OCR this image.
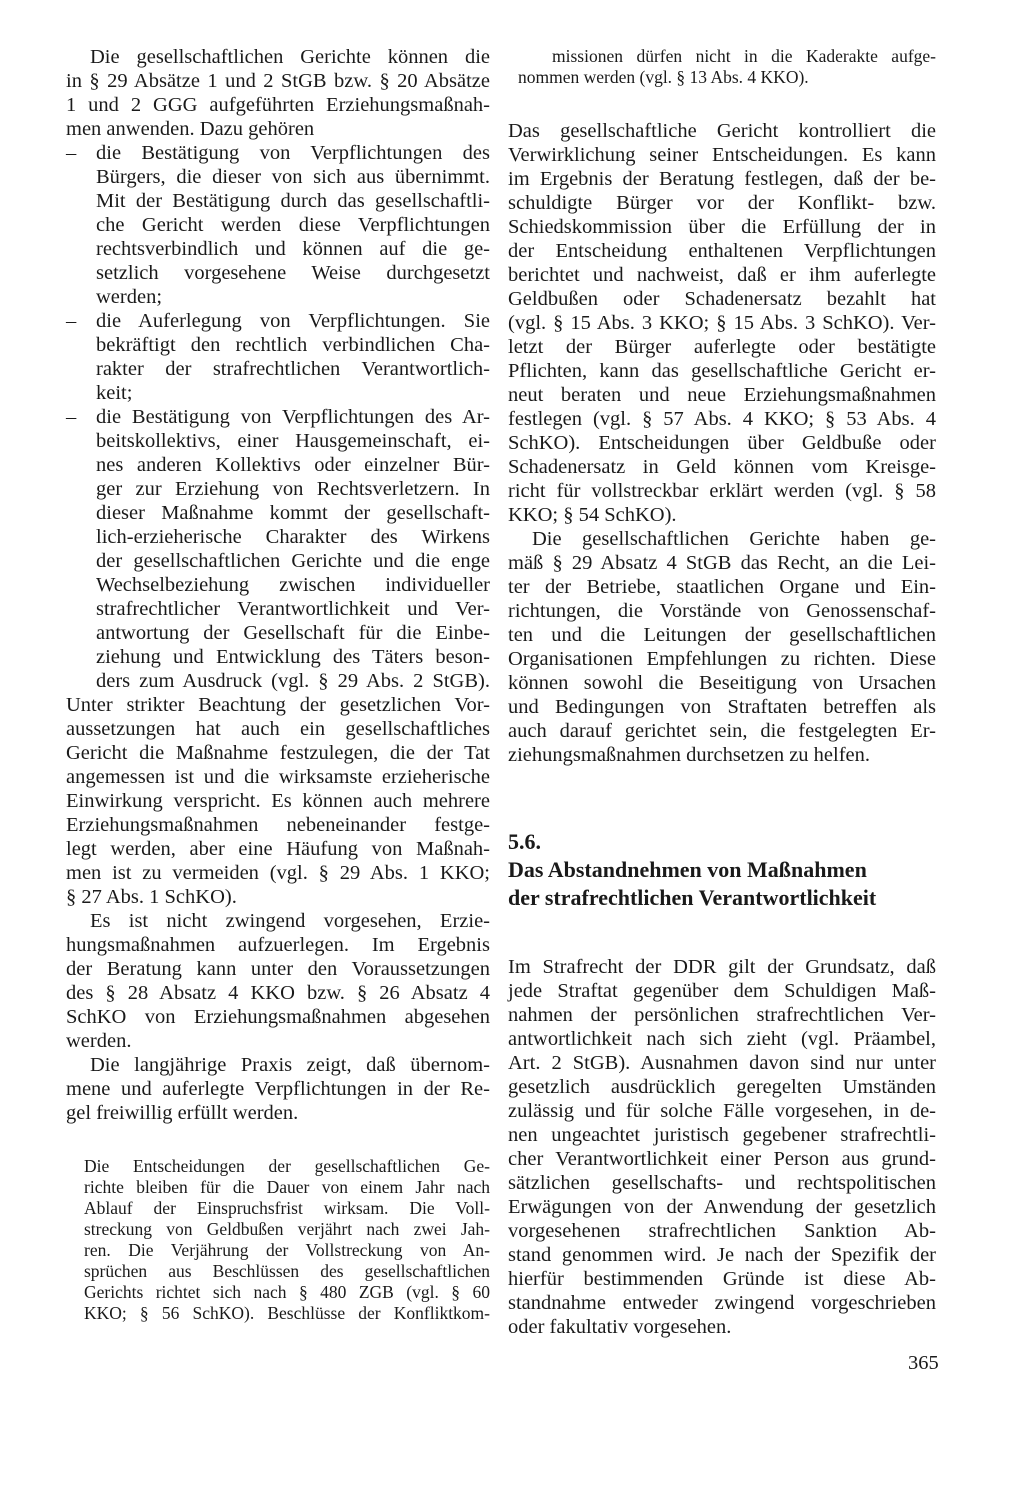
Die gesellschaftlichen Gerichte können die
in § 29 Absätze 1 und 2 StGB bzw. § 20 Absätze
1 und 2 GGG aufgeführten Erziehungsmaßnah-
men anwenden. Dazu gehören
– die Bestätigung von Verpflichtungen des
Bürgers, die dieser von sich aus übernimmt.
Mit der Bestätigung durch das gesellschaftli-
che Gericht werden diese Verpflichtungen
rechtsverbindlich und können auf die ge-
setzlich vorgesehene Weise durchgesetzt
werden;
– die Auferlegung von Verpflichtungen. Sie
bekräftigt den rechtlich verbindlichen Cha-
rakter der strafrechtlichen Verantwortlich-
keit;
– die Bestätigung von Verpflichtungen des Ar-
beitskollektivs, einer Hausgemeinschaft, ei-
nes anderen Kollektivs oder einzelner Bür-
ger zur Erziehung von Rechtsverletzern. In
dieser Maßnahme kommt der gesellschaft-
lich-erzieherische Charakter des Wirkens
der gesellschaftlichen Gerichte und die enge
Wechselbeziehung zwischen individueller
strafrechtlicher Verantwortlichkeit und Ver-
antwortung der Gesellschaft für die Einbe-
ziehung und Entwicklung des Täters beson-
ders zum Ausdruck (vgl. § 29 Abs. 2 StGB).
Unter strikter Beachtung der gesetzlichen Vor-
aussetzungen hat auch ein gesellschaftliches
Gericht die Maßnahme festzulegen, die der Tat
angemessen ist und die wirksamste erzieherische
Einwirkung verspricht. Es können auch mehrere
Erziehungsmaßnahmen nebeneinander festge-
legt werden, aber eine Häufung von Maßnah-
men ist zu vermeiden (vgl. § 29 Abs. 1 KKO;
§ 27 Abs. 1 SchKO).
Es ist nicht zwingend vorgesehen, Erzie-
hungsmaßnahmen aufzuerlegen. Im Ergebnis
der Beratung kann unter den Voraussetzungen
des § 28 Absatz 4 KKO bzw. § 26 Absatz 4
SchKO von Erziehungsmaßnahmen abgesehen
werden.
Die langjährige Praxis zeigt, daß übernom-
mene und auferlegte Verpflichtungen in der Re-
gel freiwillig erfüllt werden.
Die Entscheidungen der gesellschaftlichen Ge-
richte bleiben für die Dauer von einem Jahr nach
Ablauf der Einspruchsfrist wirksam. Die Voll-
streckung von Geldbußen verjährt nach zwei Jah-
ren. Die Verjährung der Vollstreckung von An-
sprüchen aus Beschlüssen des gesellschaftlichen
Gerichts richtet sich nach § 480 ZGB (vgl. § 60
KKO; § 56 SchKO). Beschlüsse der Konfliktkom-
missionen dürfen nicht in die Kaderakte aufge-
nommen werden (vgl. § 13 Abs. 4 KKO).
Das gesellschaftliche Gericht kontrolliert die
Verwirklichung seiner Entscheidungen. Es kann
im Ergebnis der Beratung festlegen, daß der be-
schuldigte Bürger vor der Konflikt- bzw.
Schiedskommission über die Erfüllung der in
der Entscheidung enthaltenen Verpflichtungen
berichtet und nachweist, daß er ihm auferlegte
Geldbußen oder Schadenersatz bezahlt hat
(vgl. § 15 Abs. 3 KKO; § 15 Abs. 3 SchKO). Ver-
letzt der Bürger auferlegte oder bestätigte
Pflichten, kann das gesellschaftliche Gericht er-
neut beraten und neue Erziehungsmaßnahmen
festlegen (vgl. § 57 Abs. 4 KKO; § 53 Abs. 4
SchKO). Entscheidungen über Geldbuße oder
Schadenersatz in Geld können vom Kreisge-
richt für vollstreckbar erklärt werden (vgl. § 58
KKO; § 54 SchKO).
Die gesellschaftlichen Gerichte haben ge-
mäß § 29 Absatz 4 StGB das Recht, an die Lei-
ter der Betriebe, staatlichen Organe und Ein-
richtungen, die Vorstände von Genossenschaf-
ten und die Leitungen der gesellschaftlichen
Organisationen Empfehlungen zu richten. Diese
können sowohl die Beseitigung von Ursachen
und Bedingungen von Straftaten betreffen als
auch darauf gerichtet sein, die festgelegten Er-
ziehungsmaßnahmen durchsetzen zu helfen.
5.6.
Das Abstandnehmen von Maßnahmen
der strafrechtlichen Verantwortlichkeit
Im Strafrecht der DDR gilt der Grundsatz, daß
jede Straftat gegenüber dem Schuldigen Maß-
nahmen der persönlichen strafrechtlichen Ver-
antwortlichkeit nach sich zieht (vgl. Präambel,
Art. 2 StGB). Ausnahmen davon sind nur unter
gesetzlich ausdrücklich geregelten Umständen
zulässig und für solche Fälle vorgesehen, in de-
nen ungeachtet juristisch gegebener strafrechtli-
cher Verantwortlichkeit einer Person aus grund-
sätzlichen gesellschafts- und rechtspolitischen
Erwägungen von der Anwendung der gesetzlich
vorgesehenen strafrechtlichen Sanktion Ab-
stand genommen wird. Je nach der Spezifik der
hierfür bestimmenden Gründe ist diese Ab-
standnahme entweder zwingend vorgeschrieben
oder fakultativ vorgesehen.
365
